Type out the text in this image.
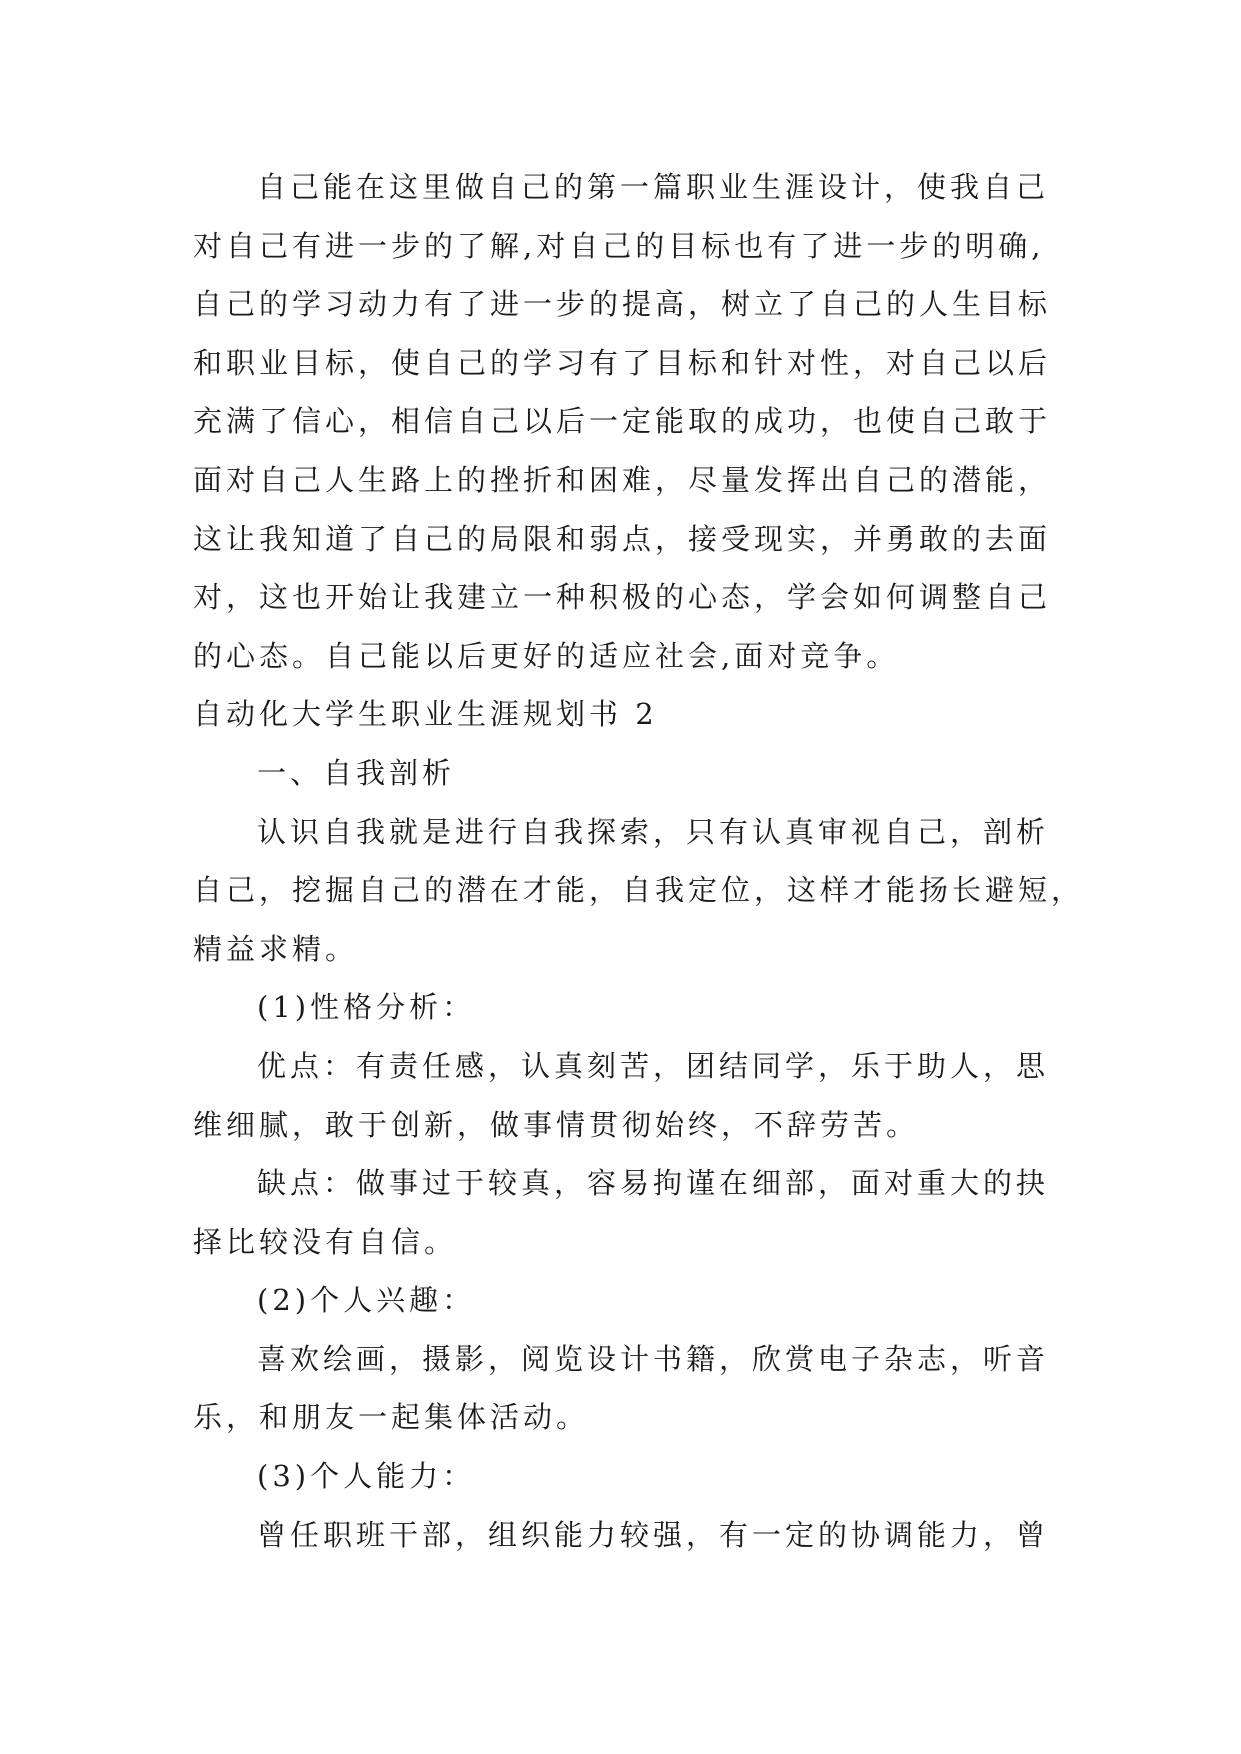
自己能在这里做自己的第一篇职业生涯设计，使我自己
对自己有进一步的了解,对自己的目标也有了进一步的明确,
自己的学习动力有了进一步的提高，树立了自己的人生目标
和职业目标，使自己的学习有了目标和针对性，对自己以后
充满了信心，相信自己以后一定能取的成功，也使自己敢于
面对自己人生路上的挫折和困难，尽量发挥出自己的潜能，
这让我知道了自己的局限和弱点，接受现实，并勇敢的去面
对，这也开始让我建立一种积极的心态，学会如何调整自己
的心态。自己能以后更好的适应社会,面对竞争。
自动化大学生职业生涯规划书 2
一、自我剖析
认识自我就是进行自我探索，只有认真审视自己，剖析
自己，挖掘自己的潜在才能，自我定位，这样才能扬长避短，
精益求精。
(1)性格分析：
优点：有责任感，认真刻苦，团结同学，乐于助人，思
维细腻，敢于创新，做事情贯彻始终，不辞劳苦。
缺点：做事过于较真，容易拘谨在细部，面对重大的抉
择比较没有自信。
(2)个人兴趣：
喜欢绘画，摄影，阅览设计书籍，欣赏电子杂志，听音
乐，和朋友一起集体活动。
(3)个人能力：
曾任职班干部，组织能力较强，有一定的协调能力，曾
